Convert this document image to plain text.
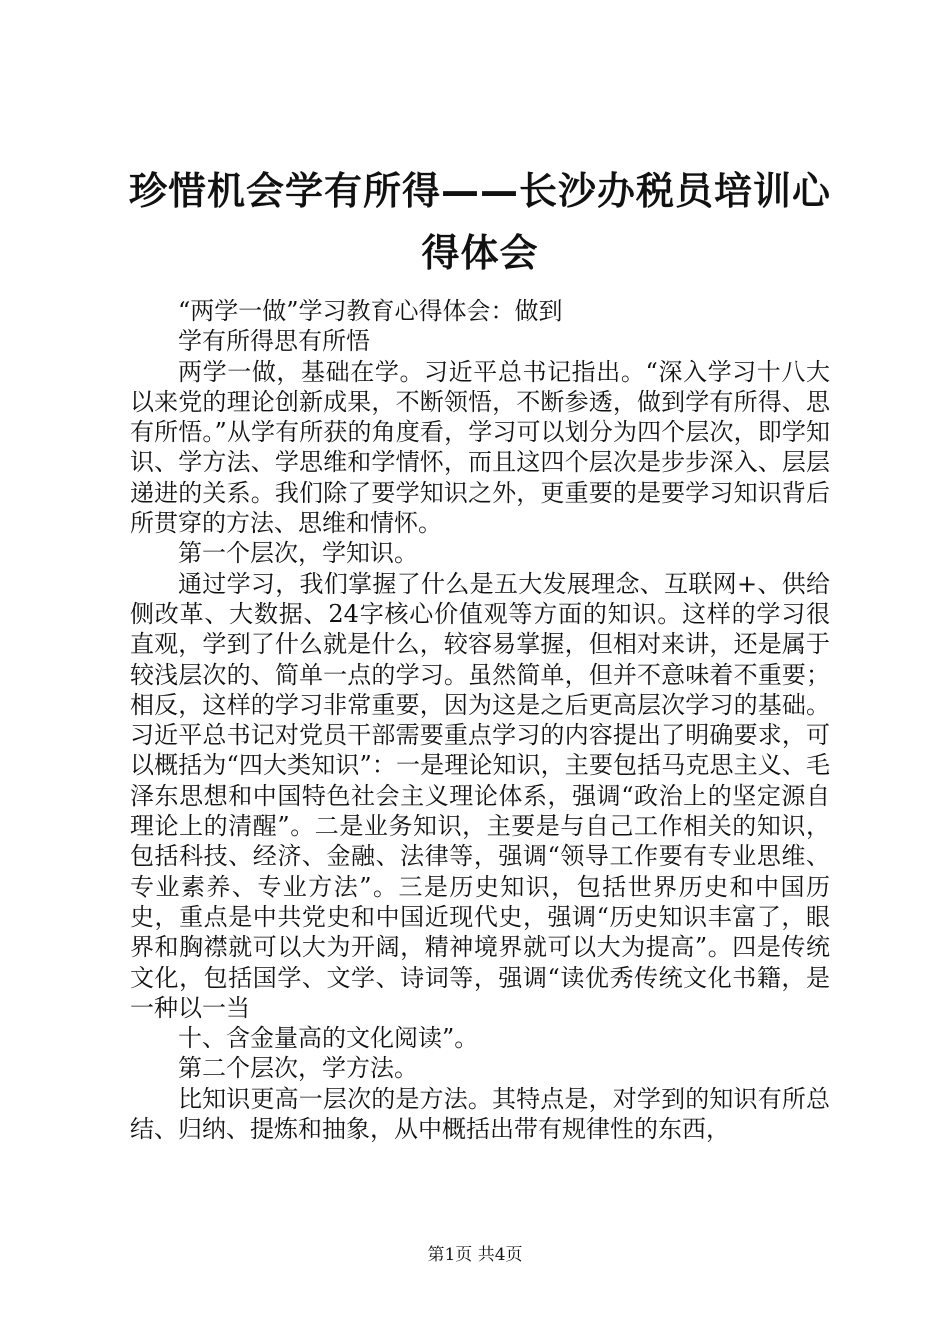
珍惜机会学有所得——长沙办税员培训心得体会

“两学一做”学习教育心得体会：做到

学有所得思有所悟

两学一做，基础在学。习近平总书记指出。“深入学习十八大以来党的理论创新成果，不断领悟，不断参透，做到学有所得、思有所悟。”从学有所获的角度看，学习可以划分为四个层次，即学知识、学方法、学思维和学情怀，而且这四个层次是步步深入、层层递进的关系。我们除了要学知识之外，更重要的是要学习知识背后所贯穿的方法、思维和情怀。

第一个层次，学知识。

通过学习，我们掌握了什么是五大发展理念、互联网+、供给侧改革、大数据、24字核心价值观等方面的知识。这样的学习很直观，学到了什么就是什么，较容易掌握，但相对来讲，还是属于较浅层次的、简单一点的学习。虽然简单，但并不意味着不重要；相反，这样的学习非常重要，因为这是之后更高层次学习的基础。习近平总书记对党员干部需要重点学习的内容提出了明确要求，可以概括为“四大类知识”：一是理论知识，主要包括马克思主义、毛泽东思想和中国特色社会主义理论体系，强调“政治上的坚定源自理论上的清醒”。二是业务知识，主要是与自己工作相关的知识，包括科技、经济、金融、法律等，强调“领导工作要有专业思维、专业素养、专业方法”。三是历史知识，包括世界历史和中国历史，重点是中共党史和中国近现代史，强调“历史知识丰富了，眼界和胸襟就可以大为开阔，精神境界就可以大为提高”。四是传统文化，包括国学、文学、诗词等，强调“读优秀传统文化书籍，是一种以一当

十、含金量高的文化阅读”。

第二个层次，学方法。

比知识更高一层次的是方法。其特点是，对学到的知识有所总结、归纳、提炼和抽象，从中概括出带有规律性的东西，

第1页 共4页
